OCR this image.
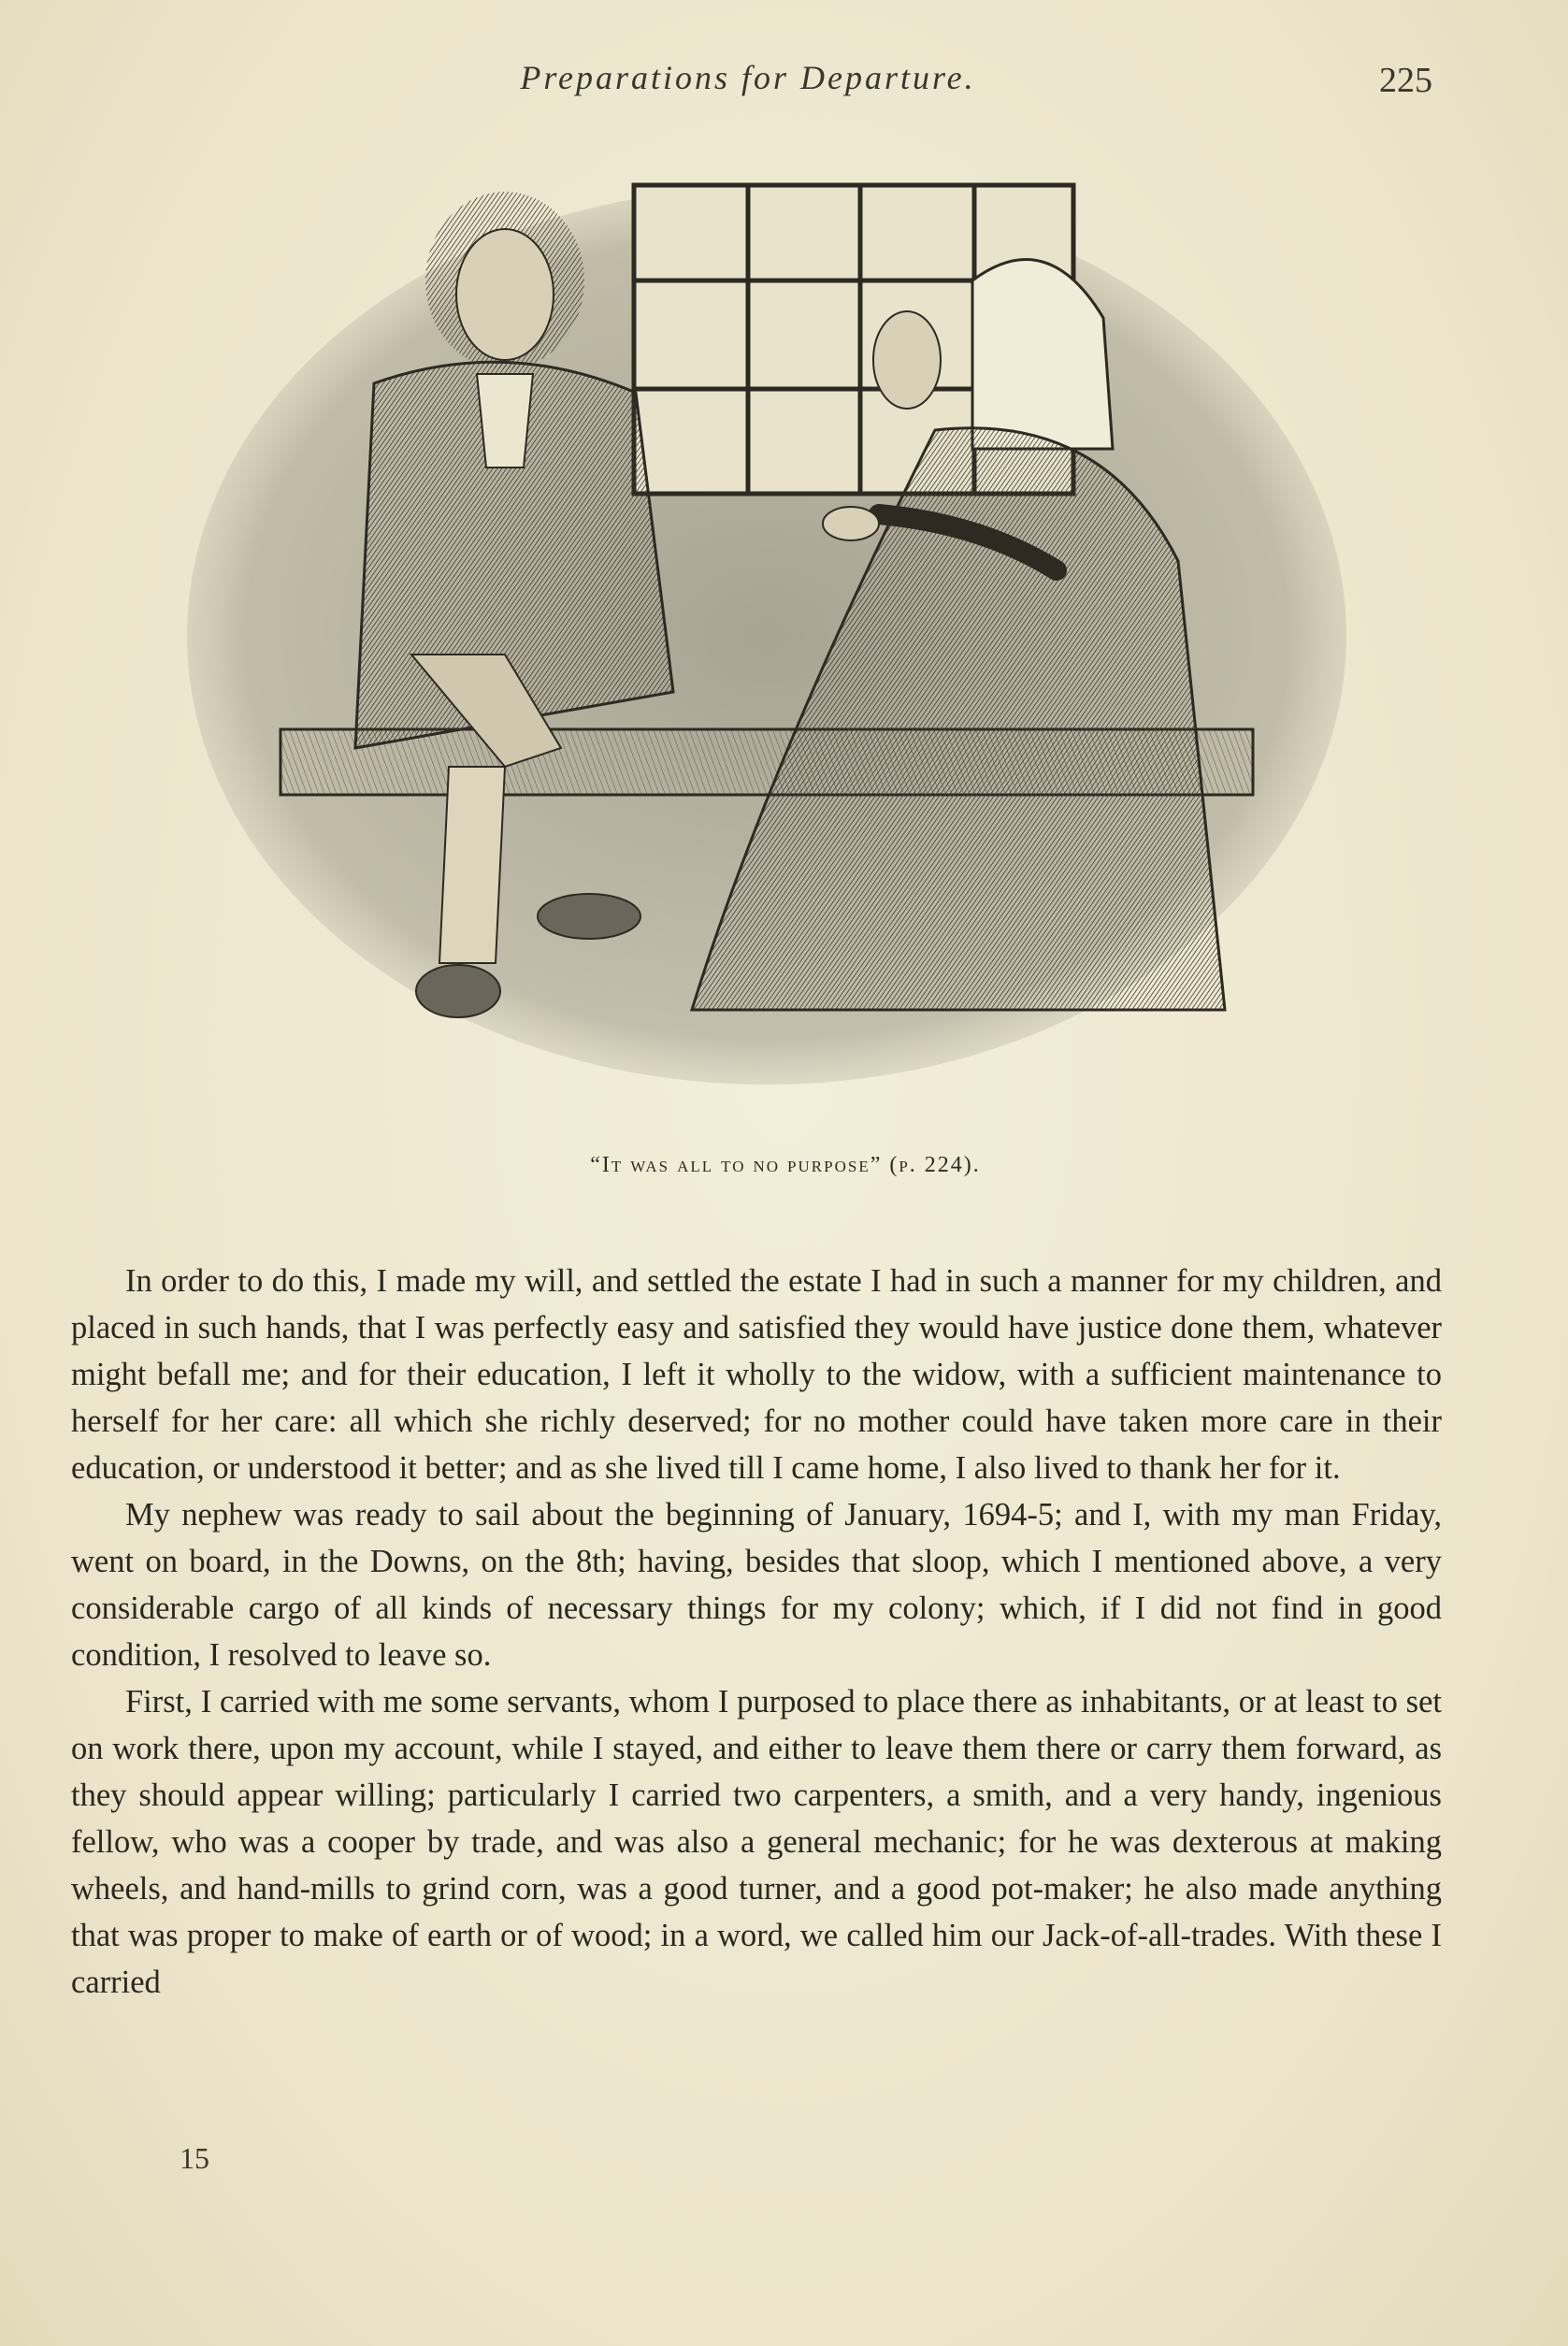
Preparations for Departure.	225
“It was all to no purpose” (p. 224).

In order to do this, I made my will, and settled the estate I had in such a manner for my children, and placed in such hands, that I was perfectly easy and satisfied they would have justice done them, whatever might befall me; and for their education, I left it wholly to the widow, with a sufficient maintenance to herself for her care: all which she richly deserved; for no mother could have taken more care in their education, or understood it better; and as she lived till I came home, I also lived to thank her for it.

My nephew was ready to sail about the beginning of January, 1694-5; and I, with my man Friday, went on board, in the Downs, on the 8th; having, besides that sloop, which I mentioned above, a very considerable cargo of all kinds of necessary things for my colony; which, if I did not find in good condition, I resolved to leave so.

First, I carried with me some servants, whom I purposed to place there as inhabitants, or at least to set on work there, upon my account, while I stayed, and either to leave them there or carry them forward, as they should appear willing; particularly I carried two carpenters, a smith, and a very handy, ingenious fellow, who was a cooper by trade, and was also a general mechanic; for he was dexterous at making wheels, and hand-mills to grind corn, was a good turner, and a good pot-maker; he also made anything that was proper to make of earth or of wood; in a word, we called him our Jack-of-all-trades. With these I carried

15
